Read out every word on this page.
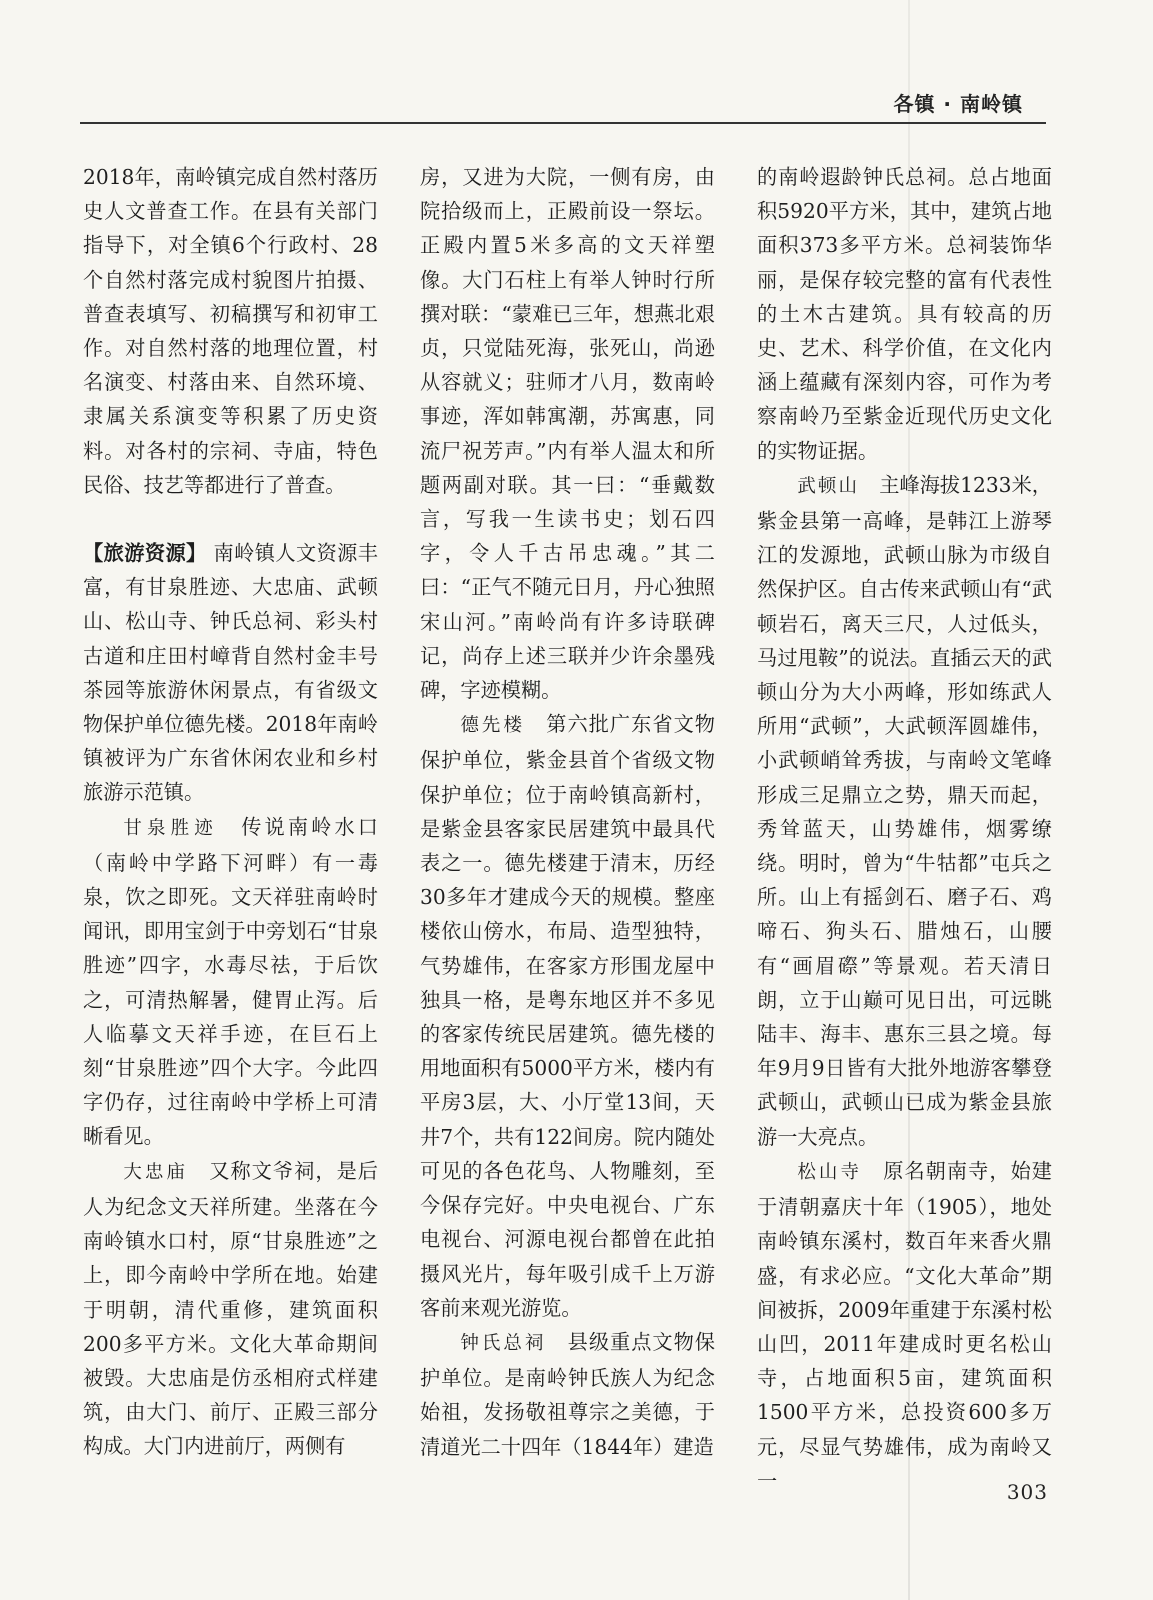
各镇 · 南岭镇

2018年，南岭镇完成自然村落历史人文普查工作。在县有关部门指导下，对全镇6个行政村、28个自然村落完成村貌图片拍摄、普查表填写、初稿撰写和初审工作。对自然村落的地理位置，村名演变、村落由来、自然环境、隶属关系演变等积累了历史资料。对各村的宗祠、寺庙，特色民俗、技艺等都进行了普查。

【旅游资源】 南岭镇人文资源丰富，有甘泉胜迹、大忠庙、武顿山、松山寺、钟氏总祠、彩头村古道和庄田村嶂背自然村金丰号茶园等旅游休闲景点，有省级文物保护单位德先楼。2018年南岭镇被评为广东省休闲农业和乡村旅游示范镇。

甘泉胜迹　 传说南岭水口（南岭中学路下河畔）有一毒泉，饮之即死。文天祥驻南岭时闻讯，即用宝剑于中旁划石“甘泉胜迹”四字，水毒尽祛，于后饮之，可清热解暑，健胃止泻。后人临摹文天祥手迹，在巨石上刻“甘泉胜迹”四个大字。今此四字仍存，过往南岭中学桥上可清晰看见。

大忠庙　 又称文爷祠，是后人为纪念文天祥所建。坐落在今南岭镇水口村，原“甘泉胜迹”之上，即今南岭中学所在地。始建于明朝，清代重修，建筑面积200多平方米。文化大革命期间被毁。大忠庙是仿丞相府式样建筑，由大门、前厅、正殿三部分构成。大门内进前厅，两侧有

房，又进为大院，一侧有房，由院拾级而上，正殿前设一祭坛。正殿内置5米多高的文天祥塑像。大门石柱上有举人钟时行所撰对联：“蒙难已三年，想燕北艰贞，只觉陆死海，张死山，尚逊从容就义；驻师才八月，数南岭事迹，浑如韩寓潮，苏寓惠，同流尸祝芳声。”内有举人温太和所题两副对联。其一曰：“垂戴数言，写我一生读书史；划石四字，令人千古吊忠魂。”其二曰：“正气不随元日月，丹心独照宋山河。”南岭尚有许多诗联碑记，尚存上述三联并少许余墨残碑，字迹模糊。

德先楼　 第六批广东省文物保护单位，紫金县首个省级文物保护单位；位于南岭镇高新村，是紫金县客家民居建筑中最具代表之一。德先楼建于清末，历经30多年才建成今天的规模。整座楼依山傍水，布局、造型独特，气势雄伟，在客家方形围龙屋中独具一格，是粤东地区并不多见的客家传统民居建筑。德先楼的用地面积有5000平方米，楼内有平房3层，大、小厅堂13间，天井7个，共有122间房。院内随处可见的各色花鸟、人物雕刻，至今保存完好。中央电视台、广东电视台、河源电视台都曾在此拍摄风光片，每年吸引成千上万游客前来观光游览。

钟氏总祠　 县级重点文物保护单位。是南岭钟氏族人为纪念始祖，发扬敬祖尊宗之美德，于清道光二十四年（1844年）建造

的南岭遐龄钟氏总祠。总占地面积5920平方米，其中，建筑占地面积373多平方米。总祠装饰华丽，是保存较完整的富有代表性的土木古建筑。具有较高的历史、艺术、科学价值，在文化内涵上蕴藏有深刻内容，可作为考察南岭乃至紫金近现代历史文化的实物证据。

武顿山　 主峰海拔1233米，紫金县第一高峰，是韩江上游琴江的发源地，武顿山脉为市级自然保护区。自古传来武顿山有“武顿岩石，离天三尺，人过低头，马过甩鞍”的说法。直插云天的武顿山分为大小两峰，形如练武人所用“武顿”，大武顿浑圆雄伟，小武顿峭耸秀拔，与南岭文笔峰形成三足鼎立之势，鼎天而起，秀耸蓝天，山势雄伟，烟雾缭绕。明时，曾为“牛牯都”屯兵之所。山上有摇剑石、磨子石、鸡啼石、狗头石、腊烛石，山腰有“画眉磜”等景观。若天清日朗，立于山巅可见日出，可远眺陆丰、海丰、惠东三县之境。每年9月9日皆有大批外地游客攀登武顿山，武顿山已成为紫金县旅游一大亮点。

松山寺　 原名朝南寺，始建于清朝嘉庆十年（1905），地处南岭镇东溪村，数百年来香火鼎盛，有求必应。“文化大革命”期间被拆，2009年重建于东溪村松山凹，2011年建成时更名松山寺，占地面积5亩，建筑面积1500平方米，总投资600多万元，尽显气势雄伟，成为南岭又一	303
